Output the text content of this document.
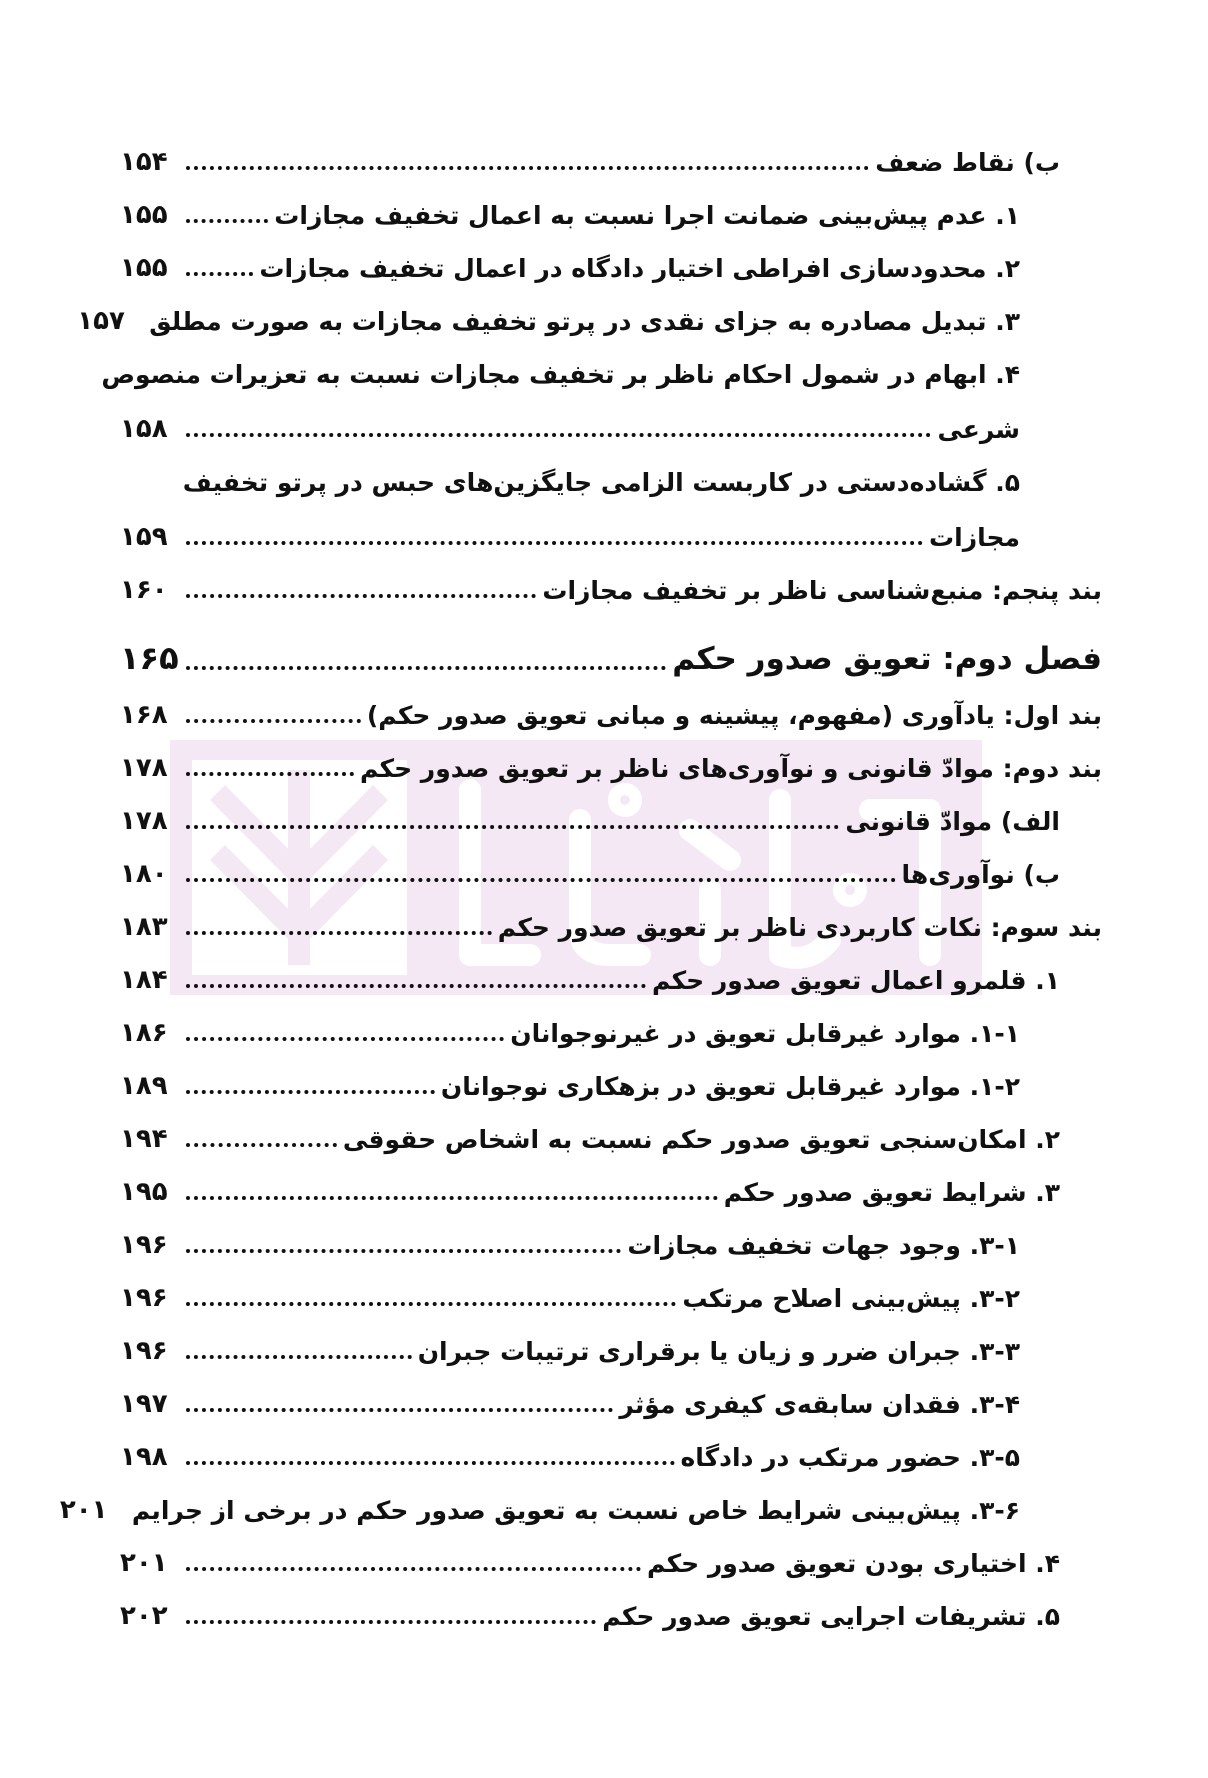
ب) نقاط ضعف
۱۵۴
۱. عدم پیش‌بینی ضمانت اجرا نسبت به اعمال تخفیف مجازات
۱۵۵
۲. محدودسازی افراطی اختیار دادگاه در اعمال تخفیف مجازات
۱۵۵
۳. تبدیل مصادره به جزای نقدی در پرتو تخفیف مجازات به صورت مطلق
۱۵۷
۴. ابهام در شمول احکام ناظر بر تخفیف مجازات نسبت به تعزیرات منصوص
شرعی
۱۵۸
۵. گشاده‌دستی در کاربست الزامی جایگزین‌های حبس در پرتو تخفیف
مجازات
۱۵۹
بند پنجم: منبع‌شناسی ناظر بر تخفیف مجازات
۱۶۰
فصل دوم: تعویق صدور حکم
۱۶۵
بند اول: یادآوری (مفهوم، پیشینه و مبانی تعویق صدور حکم)
۱۶۸
بند دوم: موادّ قانونی و نوآوری‌های ناظر بر تعویق صدور حکم
۱۷۸
الف) موادّ قانونی
۱۷۸
ب) نوآوری‌ها
۱۸۰
بند سوم: نکات کاربردی ناظر بر تعویق صدور حکم
۱۸۳
۱. قلمرو اعمال تعویق صدور حکم
۱۸۴
۱-۱. موارد غیرقابل تعویق در غیرنوجوانان
۱۸۶
۱-۲. موارد غیرقابل تعویق در بزهکاری نوجوانان
۱۸۹
۲. امکان‌سنجی تعویق صدور حکم نسبت به اشخاص حقوقی
۱۹۴
۳. شرایط تعویق صدور حکم
۱۹۵
۳-۱. وجود جهات تخفیف مجازات
۱۹۶
۳-۲. پیش‌بینی اصلاح مرتکب
۱۹۶
۳-۳. جبران ضرر و زیان یا برقراری ترتیبات جبران
۱۹۶
۳-۴. فقدان سابقه‌ی کیفری مؤثر
۱۹۷
۳-۵. حضور مرتکب در دادگاه
۱۹۸
۳-۶. پیش‌بینی شرایط خاص نسبت به تعویق صدور حکم در برخی از جرایم
۲۰۱
۴. اختیاری بودن تعویق صدور حکم
۲۰۱
۵. تشریفات اجرایی تعویق صدور حکم
۲۰۲
